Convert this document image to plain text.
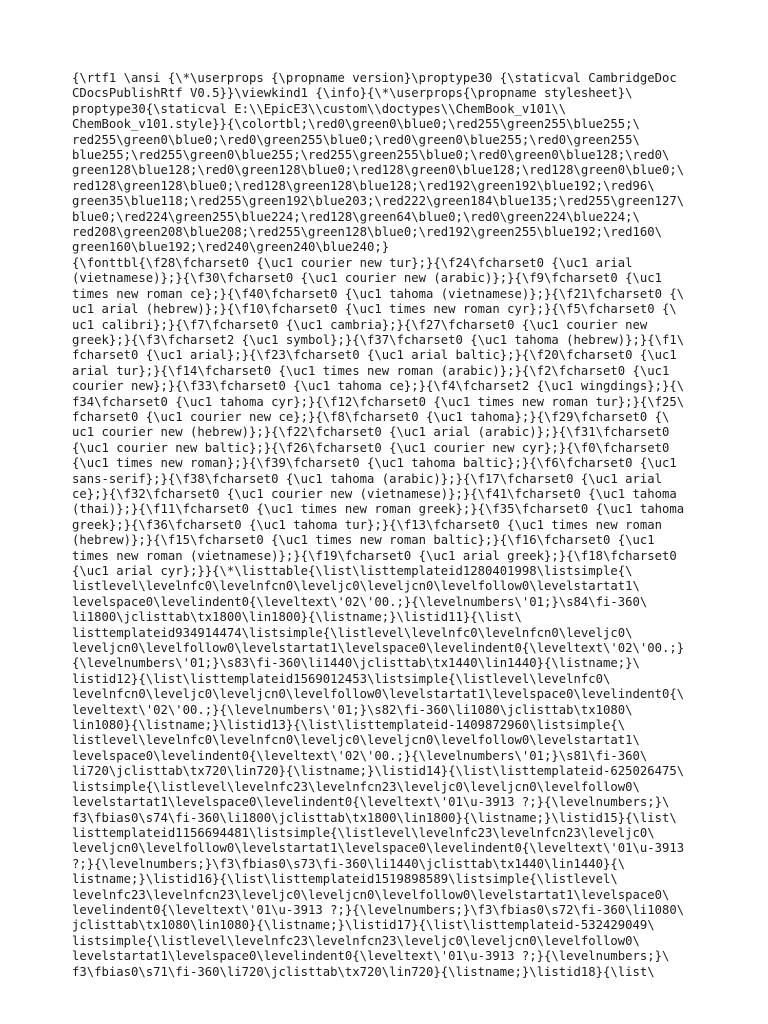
{\rtf1 \ansi {\*\userprops {\propname version}\proptype30 {\staticval CambridgeDoc
CDocsPublishRtf V0.5}}\viewkind1 {\info}{\*\userprops{\propname stylesheet}\
proptype30{\staticval E:\\EpicE3\\custom\\doctypes\\ChemBook_v101\\
ChemBook_v101.style}}{\colortbl;\red0\green0\blue0;\red255\green255\blue255;\
red255\green0\blue0;\red0\green255\blue0;\red0\green0\blue255;\red0\green255\
blue255;\red255\green0\blue255;\red255\green255\blue0;\red0\green0\blue128;\red0\
green128\blue128;\red0\green128\blue0;\red128\green0\blue128;\red128\green0\blue0;\
red128\green128\blue0;\red128\green128\blue128;\red192\green192\blue192;\red96\
green35\blue118;\red255\green192\blue203;\red222\green184\blue135;\red255\green127\
blue0;\red224\green255\blue224;\red128\green64\blue0;\red0\green224\blue224;\
red208\green208\blue208;\red255\green128\blue0;\red192\green255\blue192;\red160\
green160\blue192;\red240\green240\blue240;}
{\fonttbl{\f28\fcharset0 {\uc1 courier new tur};}{\f24\fcharset0 {\uc1 arial
(vietnamese)};}{\f30\fcharset0 {\uc1 courier new (arabic)};}{\f9\fcharset0 {\uc1
times new roman ce};}{\f40\fcharset0 {\uc1 tahoma (vietnamese)};}{\f21\fcharset0 {\
uc1 arial (hebrew)};}{\f10\fcharset0 {\uc1 times new roman cyr};}{\f5\fcharset0 {\
uc1 calibri};}{\f7\fcharset0 {\uc1 cambria};}{\f27\fcharset0 {\uc1 courier new
greek};}{\f3\fcharset2 {\uc1 symbol};}{\f37\fcharset0 {\uc1 tahoma (hebrew)};}{\f1\
fcharset0 {\uc1 arial};}{\f23\fcharset0 {\uc1 arial baltic};}{\f20\fcharset0 {\uc1
arial tur};}{\f14\fcharset0 {\uc1 times new roman (arabic)};}{\f2\fcharset0 {\uc1
courier new};}{\f33\fcharset0 {\uc1 tahoma ce};}{\f4\fcharset2 {\uc1 wingdings};}{\
f34\fcharset0 {\uc1 tahoma cyr};}{\f12\fcharset0 {\uc1 times new roman tur};}{\f25\
fcharset0 {\uc1 courier new ce};}{\f8\fcharset0 {\uc1 tahoma};}{\f29\fcharset0 {\
uc1 courier new (hebrew)};}{\f22\fcharset0 {\uc1 arial (arabic)};}{\f31\fcharset0
{\uc1 courier new baltic};}{\f26\fcharset0 {\uc1 courier new cyr};}{\f0\fcharset0
{\uc1 times new roman};}{\f39\fcharset0 {\uc1 tahoma baltic};}{\f6\fcharset0 {\uc1
sans-serif};}{\f38\fcharset0 {\uc1 tahoma (arabic)};}{\f17\fcharset0 {\uc1 arial
ce};}{\f32\fcharset0 {\uc1 courier new (vietnamese)};}{\f41\fcharset0 {\uc1 tahoma
(thai)};}{\f11\fcharset0 {\uc1 times new roman greek};}{\f35\fcharset0 {\uc1 tahoma
greek};}{\f36\fcharset0 {\uc1 tahoma tur};}{\f13\fcharset0 {\uc1 times new roman
(hebrew)};}{\f15\fcharset0 {\uc1 times new roman baltic};}{\f16\fcharset0 {\uc1
times new roman (vietnamese)};}{\f19\fcharset0 {\uc1 arial greek};}{\f18\fcharset0
{\uc1 arial cyr};}}{\*\listtable{\list\listtemplateid1280401998\listsimple{\
listlevel\levelnfc0\levelnfcn0\leveljc0\leveljcn0\levelfollow0\levelstartat1\
levelspace0\levelindent0{\leveltext\'02\'00.;}{\levelnumbers\'01;}\s84\fi-360\
li1800\jclisttab\tx1800\lin1800}{\listname;}\listid11}{\list\
listtemplateid934914474\listsimple{\listlevel\levelnfc0\levelnfcn0\leveljc0\
leveljcn0\levelfollow0\levelstartat1\levelspace0\levelindent0{\leveltext\'02\'00.;}
{\levelnumbers\'01;}\s83\fi-360\li1440\jclisttab\tx1440\lin1440}{\listname;}\
listid12}{\list\listtemplateid1569012453\listsimple{\listlevel\levelnfc0\
levelnfcn0\leveljc0\leveljcn0\levelfollow0\levelstartat1\levelspace0\levelindent0{\
leveltext\'02\'00.;}{\levelnumbers\'01;}\s82\fi-360\li1080\jclisttab\tx1080\
lin1080}{\listname;}\listid13}{\list\listtemplateid-1409872960\listsimple{\
listlevel\levelnfc0\levelnfcn0\leveljc0\leveljcn0\levelfollow0\levelstartat1\
levelspace0\levelindent0{\leveltext\'02\'00.;}{\levelnumbers\'01;}\s81\fi-360\
li720\jclisttab\tx720\lin720}{\listname;}\listid14}{\list\listtemplateid-625026475\
listsimple{\listlevel\levelnfc23\levelnfcn23\leveljc0\leveljcn0\levelfollow0\
levelstartat1\levelspace0\levelindent0{\leveltext\'01\u-3913 ?;}{\levelnumbers;}\
f3\fbias0\s74\fi-360\li1800\jclisttab\tx1800\lin1800}{\listname;}\listid15}{\list\
listtemplateid1156694481\listsimple{\listlevel\levelnfc23\levelnfcn23\leveljc0\
leveljcn0\levelfollow0\levelstartat1\levelspace0\levelindent0{\leveltext\'01\u-3913
?;}{\levelnumbers;}\f3\fbias0\s73\fi-360\li1440\jclisttab\tx1440\lin1440}{\
listname;}\listid16}{\list\listtemplateid1519898589\listsimple{\listlevel\
levelnfc23\levelnfcn23\leveljc0\leveljcn0\levelfollow0\levelstartat1\levelspace0\
levelindent0{\leveltext\'01\u-3913 ?;}{\levelnumbers;}\f3\fbias0\s72\fi-360\li1080\
jclisttab\tx1080\lin1080}{\listname;}\listid17}{\list\listtemplateid-532429049\
listsimple{\listlevel\levelnfc23\levelnfcn23\leveljc0\leveljcn0\levelfollow0\
levelstartat1\levelspace0\levelindent0{\leveltext\'01\u-3913 ?;}{\levelnumbers;}\
f3\fbias0\s71\fi-360\li720\jclisttab\tx720\lin720}{\listname;}\listid18}{\list\
